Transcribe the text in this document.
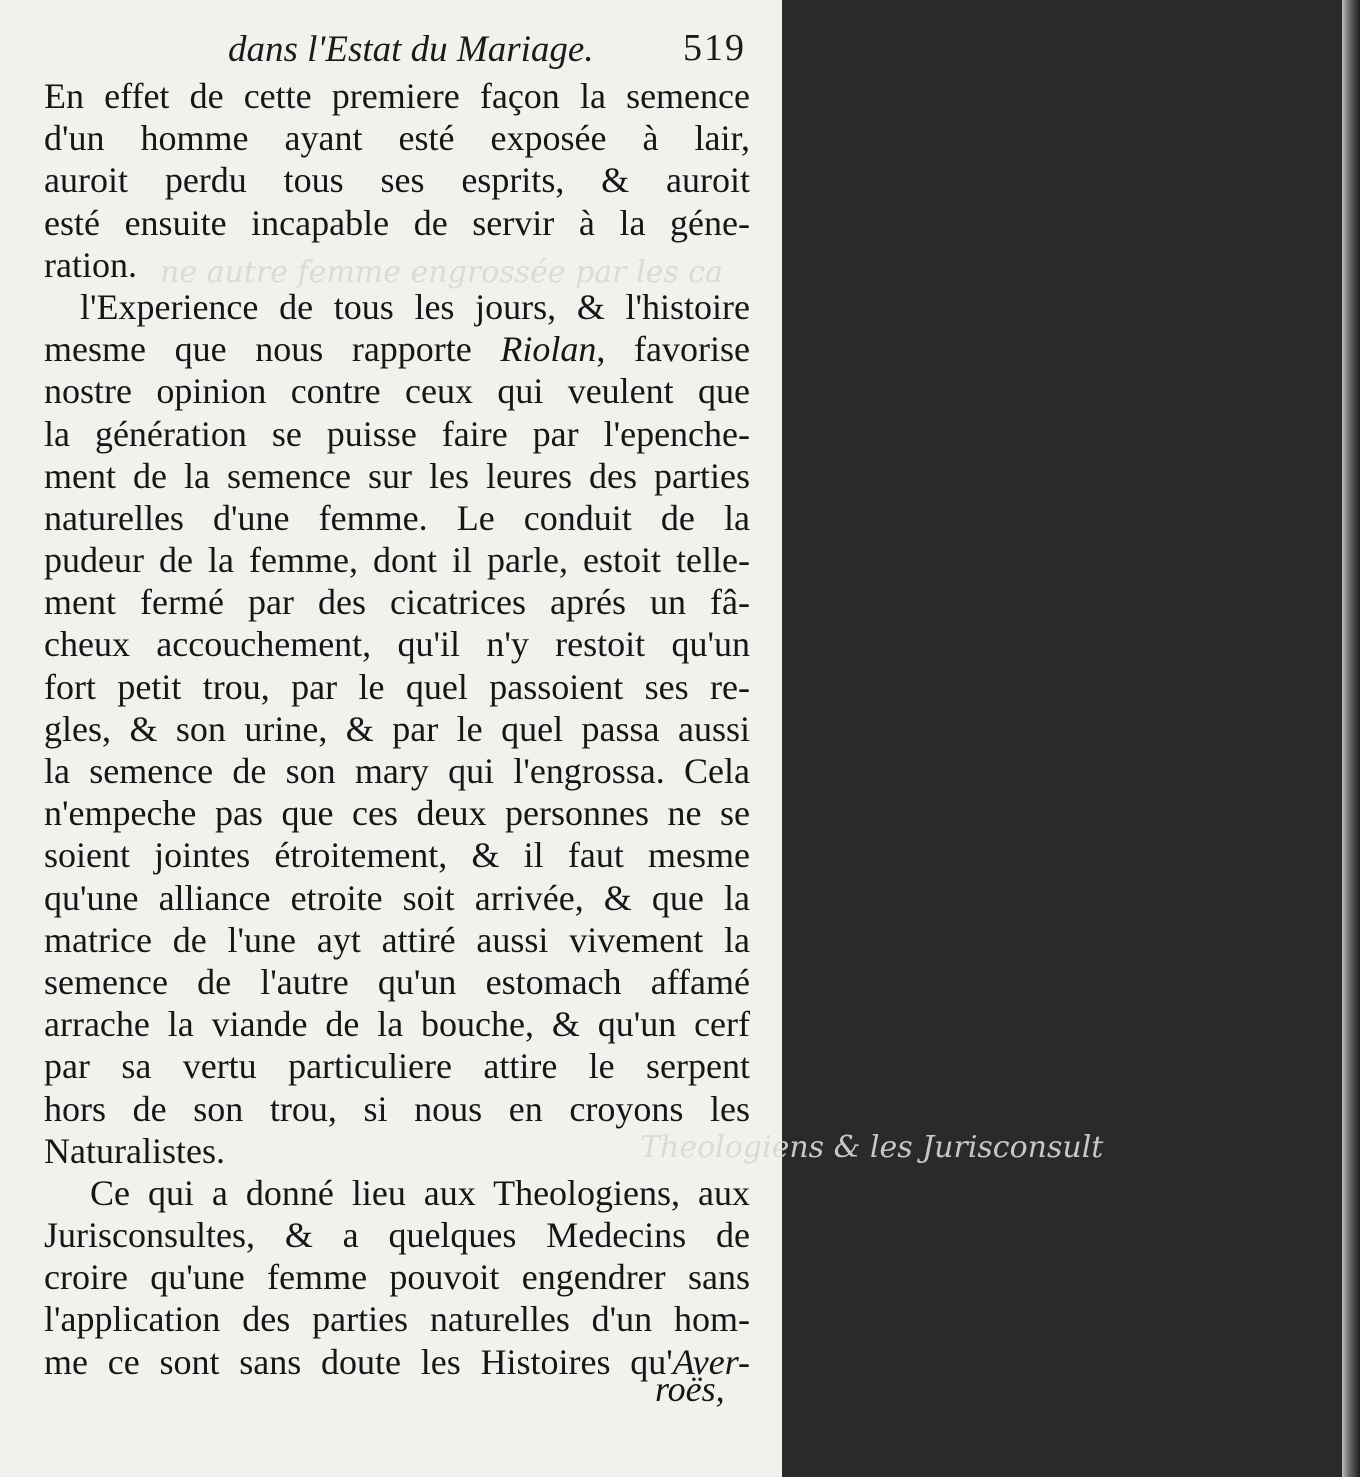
ne autre femme engrossée par les ca
Theologiens & les Jurisconsult
dans l'Estat du Mariage. 519
En effet de cette premiere façon la semence
d'un homme ayant esté exposée à lair,
auroit perdu tous ses esprits, & auroit
esté ensuite incapable de servir à la géne-
ration.
l'Experience de tous les jours, & l'histoire
mesme que nous rapporte Riolan, favorise
nostre opinion contre ceux qui veulent que
la génération se puisse faire par l'epenche-
ment de la semence sur les leures des parties
naturelles d'une femme. Le conduit de la
pudeur de la femme, dont il parle, estoit telle-
ment fermé par des cicatrices aprés un fâ-
cheux accouchement, qu'il n'y restoit qu'un
fort petit trou, par le quel passoient ses re-
gles, & son urine, & par le quel passa aussi
la semence de son mary qui l'engrossa. Cela
n'empeche pas que ces deux personnes ne se
soient jointes étroitement, & il faut mesme
qu'une alliance etroite soit arrivée, & que la
matrice de l'une ayt attiré aussi vivement la
semence de l'autre qu'un estomach affamé
arrache la viande de la bouche, & qu'un cerf
par sa vertu particuliere attire le serpent
hors de son trou, si nous en croyons les
Naturalistes.
Ce qui a donné lieu aux Theologiens, aux
Jurisconsultes, & a quelques Medecins de
croire qu'une femme pouvoit engendrer sans
l'application des parties naturelles d'un hom-
me ce sont sans doute les Histoires qu'Aver-
roës,
